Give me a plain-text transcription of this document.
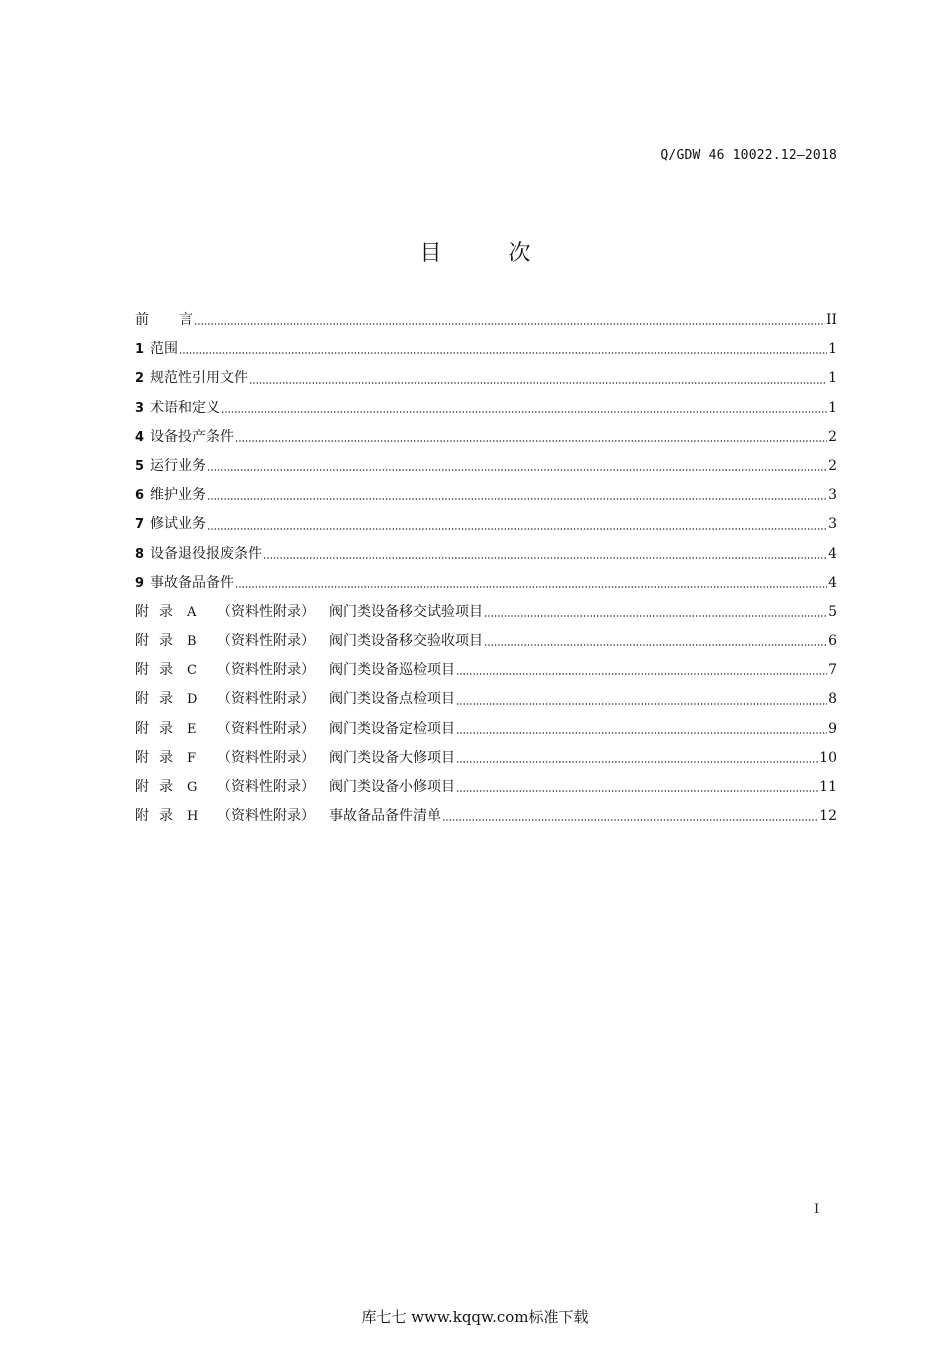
Q/GDW 46 10022.12—2018
目 次
前 言	II
1 范围	1
2 规范性引用文件	1
3 术语和定义	1
4 设备投产条件	2
5 运行业务	2
6 维护业务	3
7 修试业务	3
8 设备退役报废条件	4
9 事故备品备件	4
附录 A	（资料性附录）	阀门类设备移交试验项目	5
附录 B	（资料性附录）	阀门类设备移交验收项目	6
附录 C	（资料性附录）	阀门类设备巡检项目	7
附录 D	（资料性附录）	阀门类设备点检项目	8
附录 E	（资料性附录）	阀门类设备定检项目	9
附录 F	（资料性附录）	阀门类设备大修项目	10
附录 G	（资料性附录）	阀门类设备小修项目	11
附录 H	（资料性附录）	事故备品备件清单	12
I
库七七 www.kqqw.com标准下载
